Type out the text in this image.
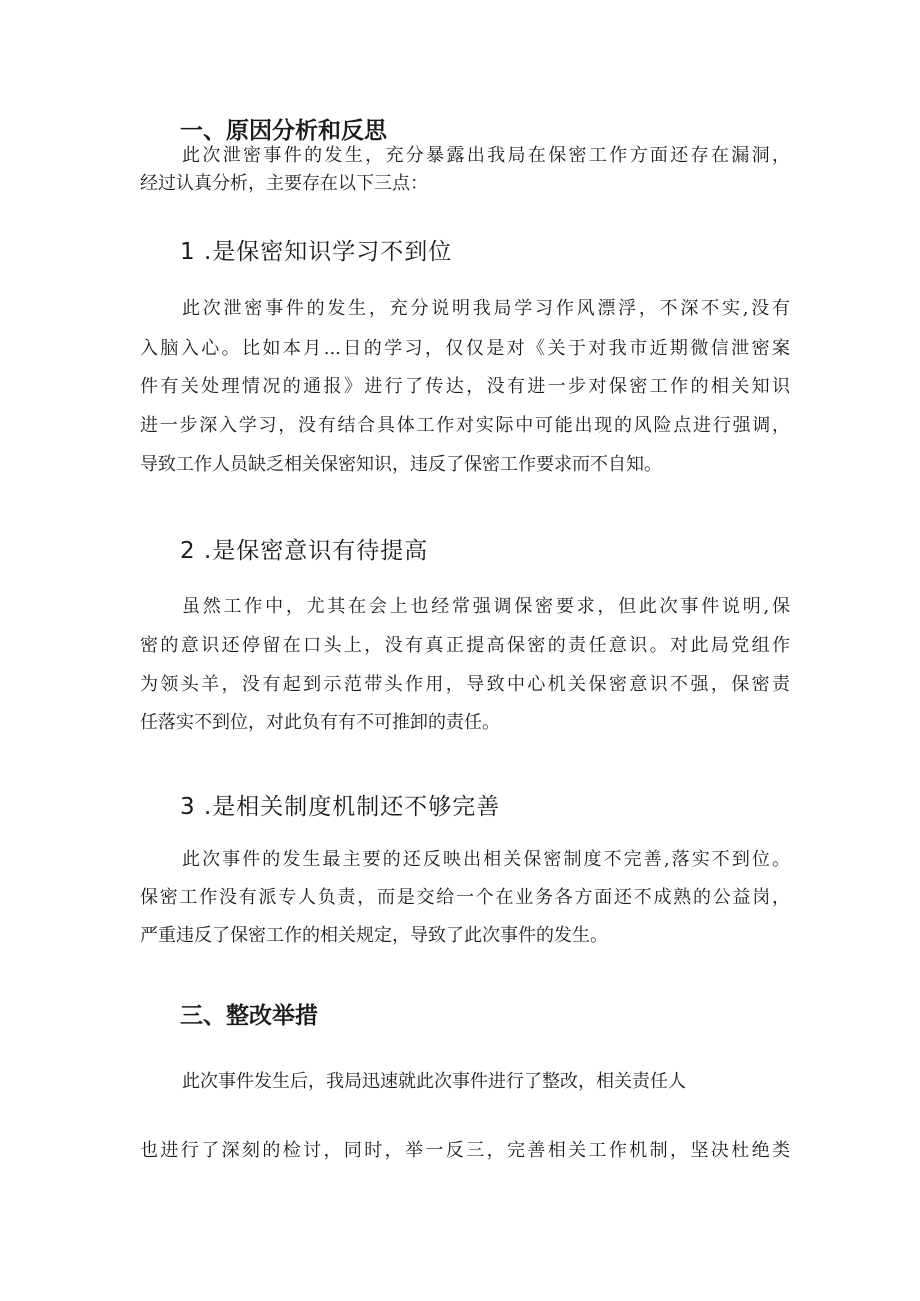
一、原因分析和反思

此次泄密事件的发生，充分暴露出我局在保密工作方面还存在漏洞，

经过认真分析，主要存在以下三点：

1 .是保密知识学习不到位

此次泄密事件的发生，充分说明我局学习作风漂浮，不深不实,没有

入脑入心。比如本月...日的学习，仅仅是对《关于对我市近期微信泄密案

件有关处理情况的通报》进行了传达，没有进一步对保密工作的相关知识

进一步深入学习，没有结合具体工作对实际中可能出现的风险点进行强调，

导致工作人员缺乏相关保密知识，违反了保密工作要求而不自知。

2 .是保密意识有待提高

虽然工作中，尤其在会上也经常强调保密要求，但此次事件说明,保

密的意识还停留在口头上，没有真正提高保密的责任意识。对此局党组作

为领头羊，没有起到示范带头作用，导致中心机关保密意识不强，保密责

任落实不到位，对此负有有不可推卸的责任。

3 .是相关制度机制还不够完善

此次事件的发生最主要的还反映出相关保密制度不完善,落实不到位。

保密工作没有派专人负责，而是交给一个在业务各方面还不成熟的公益岗，

严重违反了保密工作的相关规定，导致了此次事件的发生。

三、整改举措

此次事件发生后，我局迅速就此次事件进行了整改，相关责任人

也进行了深刻的检讨，同时，举一反三，完善相关工作机制，坚决杜绝类
